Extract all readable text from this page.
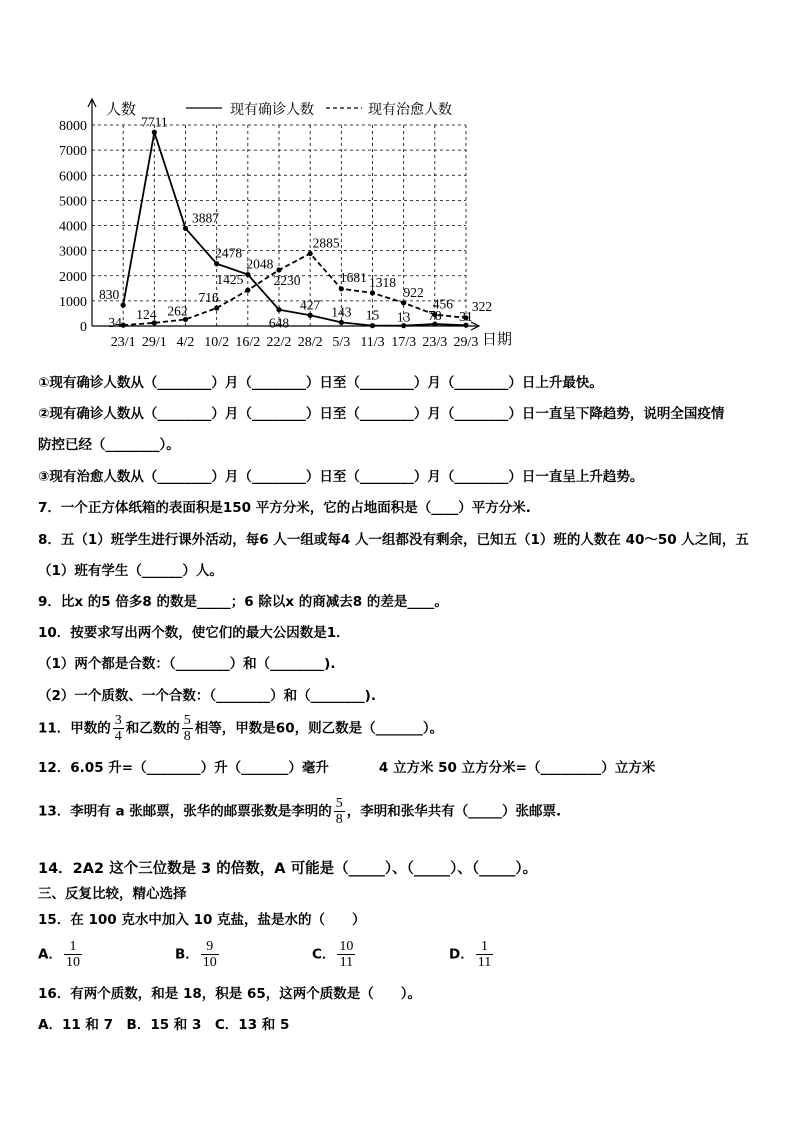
0
1000
2000
3000
4000
5000
6000
7000
8000
23/1 29/1 4/2 10/2 16/2 22/2 28/2 5/3 11/3 17/3 23/3 29/3
830
7711
3887
2478
2048
648
427 143 15 13 78 31
34
124 262
716
1425 2230
2885
1681 1318
922
456 322
人数
日期
现有确诊人数	现有治愈人数
①现有确诊人数从（________）月（________）日至（________）月（________）日上升最快。
②现有确诊人数从（________）月（________）日至（________）月（________）日一直呈下降趋势，说明全国疫情
防控已经（________）。
③现有治愈人数从（________）月（________）日至（________）月（________）日一直呈上升趋势。
7．一个正方体纸箱的表面积是150 平方分米，它的占地面积是（____）平方分米.
8．五（1）班学生进行课外活动，每6 人一组或每4 人一组都没有剩余，已知五（1）班的人数在 40～50 人之间，五
（1）班有学生（______）人。
9．比x 的5 倍多8 的数是_____；6 除以x 的商减去8 的差是____。
10．按要求写出两个数，使它们的最大公因数是1．
（1）两个都是合数：（________）和（________).
（2）一个质数、一个合数：（________）和（________).
11．甲数的 $\frac{3}{4}$ 和乙数的 $\frac{5}{8}$ 相等，甲数是60，则乙数是（_______）。
12．6.05 升=（________）升（_______）毫升	4 立方米 50 立方分米=（_________）立方米
13．李明有 a 张邮票，张华的邮票张数是李明的 $\frac{5}{8}$ ，李明和张华共有（_____）张邮票.
14．2A2 这个三位数是 3 的倍数，A 可能是（_____）、（_____）、（_____）。
三、反复比较，精心选择
15．在 100 克水中加入 10 克盐，盐是水的（　　）
A． $\frac{1}{10}$	B． $\frac{9}{10}$	C． $\frac{10}{11}$	D． $\frac{1}{11}$
16．有两个质数，和是 18，积是 65，这两个质数是（　　）。
A．11 和 7　B．15 和 3　C．13 和 5
